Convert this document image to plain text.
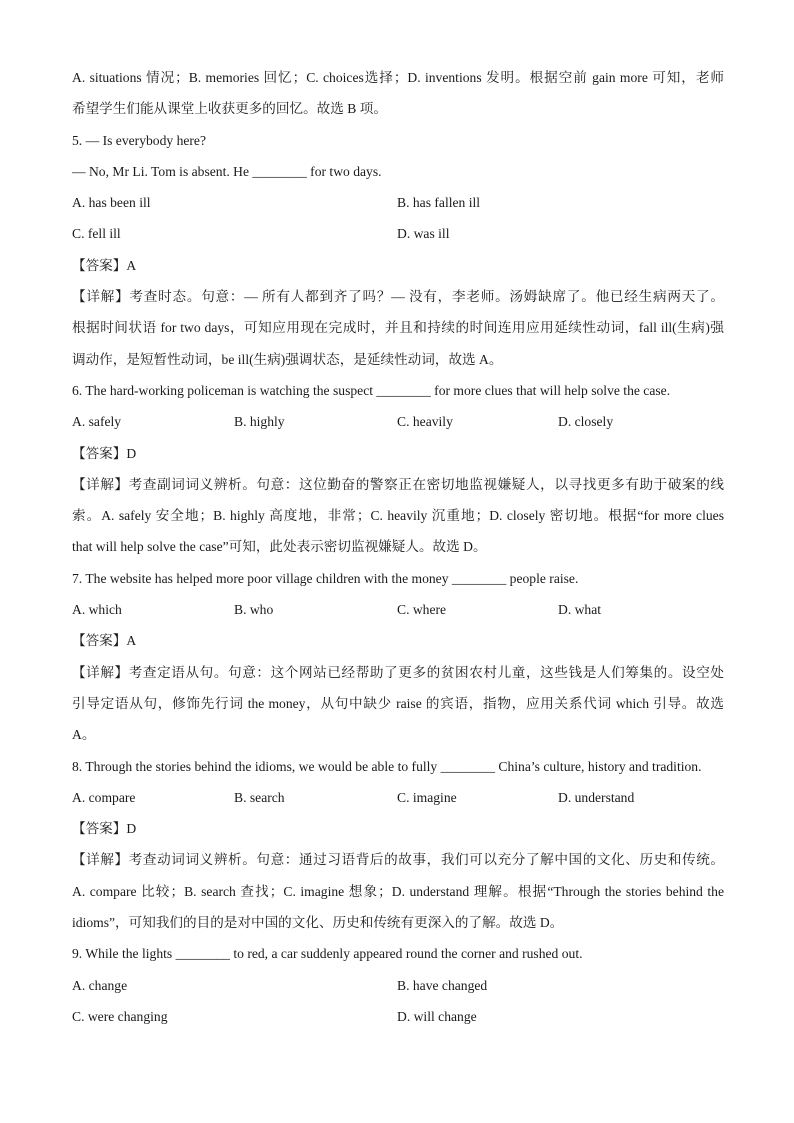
A. situations 情况；B. memories 回忆；C. choices选择；D. inventions 发明。根据空前 gain more 可知，老师
希望学生们能从课堂上收获更多的回忆。故选 B 项。
5. — Is everybody here?
— No, Mr Li. Tom is absent. He ________ for two days.
A. has been ill	B. has fallen ill
C. fell ill	D. was ill
【答案】A
【详解】考查时态。句意：— 所有人都到齐了吗？— 没有，李老师。汤姆缺席了。他已经生病两天了。
根据时间状语 for two days，可知应用现在完成时，并且和持续的时间连用应用延续性动词，fall ill(生病)强
调动作，是短暂性动词，be ill(生病)强调状态，是延续性动词，故选 A。
6. The hard-working policeman is watching the suspect ________ for more clues that will help solve the case.
A. safely	B. highly	C. heavily	D. closely
【答案】D
【详解】考查副词词义辨析。句意：这位勤奋的警察正在密切地监视嫌疑人，以寻找更多有助于破案的线
索。A. safely 安全地；B. highly 高度地，非常；C. heavily 沉重地；D. closely 密切地。根据“for more clues
that will help solve the case”可知，此处表示密切监视嫌疑人。故选 D。
7. The website has helped more poor village children with the money ________ people raise.
A. which	B. who	C. where	D. what
【答案】A
【详解】考查定语从句。句意：这个网站已经帮助了更多的贫困农村儿童，这些钱是人们筹集的。设空处
引导定语从句，修饰先行词 the money，从句中缺少 raise 的宾语，指物，应用关系代词 which 引导。故选
A。
8. Through the stories behind the idioms, we would be able to fully ________ China’s culture, history and tradition.
A. compare	B. search	C. imagine	D. understand
【答案】D
【详解】考查动词词义辨析。句意：通过习语背后的故事，我们可以充分了解中国的文化、历史和传统。
A. compare 比较；B. search 查找；C. imagine 想象；D. understand 理解。根据“Through the stories behind the
idioms”，可知我们的目的是对中国的文化、历史和传统有更深入的了解。故选 D。
9. While the lights ________ to red, a car suddenly appeared round the corner and rushed out.
A. change	B. have changed
C. were changing	D. will change
